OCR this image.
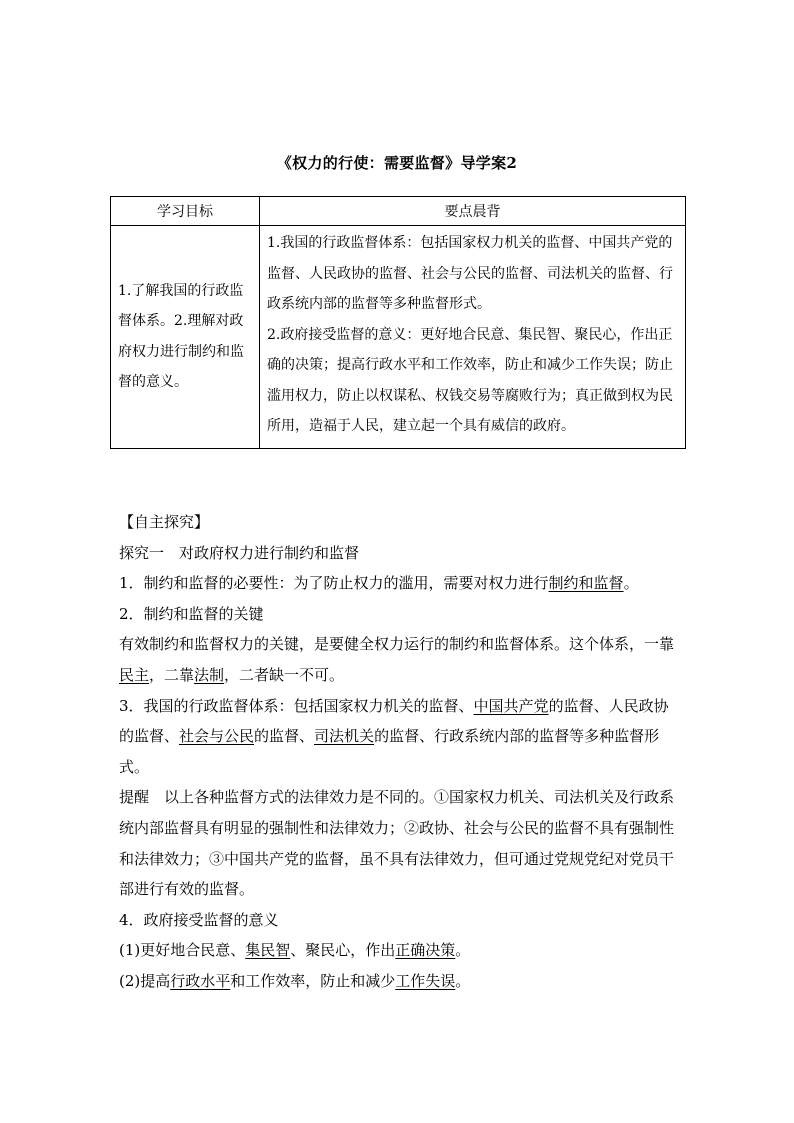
《权力的行使：需要监督》导学案2
学习目标	要点晨背
1.了解我国的行政监督体系。2.理解对政府权力进行制约和监督的意义。	1.我国的行政监督体系：包括国家权力机关的监督、中国共产党的监督、人民政协的监督、社会与公民的监督、司法机关的监督、行政系统内部的监督等多种监督形式。

2.政府接受监督的意义：更好地合民意、集民智、聚民心，作出正确的决策；提高行政水平和工作效率，防止和减少工作失误；防止滥用权力，防止以权谋私、权钱交易等腐败行为；真正做到权为民所用，造福于人民，建立起一个具有威信的政府。

【自主探究】

探究一　对政府权力进行制约和监督

1．制约和监督的必要性：为了防止权力的滥用，需要对权力进行制约和监督。

2．制约和监督的关键

有效制约和监督权力的关键，是要健全权力运行的制约和监督体系。这个体系，一靠民主，二靠法制，二者缺一不可。

3．我国的行政监督体系：包括国家权力机关的监督、中国共产党的监督、人民政协的监督、社会与公民的监督、司法机关的监督、行政系统内部的监督等多种监督形式。

提醒　以上各种监督方式的法律效力是不同的。①国家权力机关、司法机关及行政系统内部监督具有明显的强制性和法律效力；②政协、社会与公民的监督不具有强制性和法律效力；③中国共产党的监督，虽不具有法律效力，但可通过党规党纪对党员干部进行有效的监督。

4．政府接受监督的意义

(1)更好地合民意、集民智、聚民心，作出正确决策。

(2)提高行政水平和工作效率，防止和减少工作失误。
